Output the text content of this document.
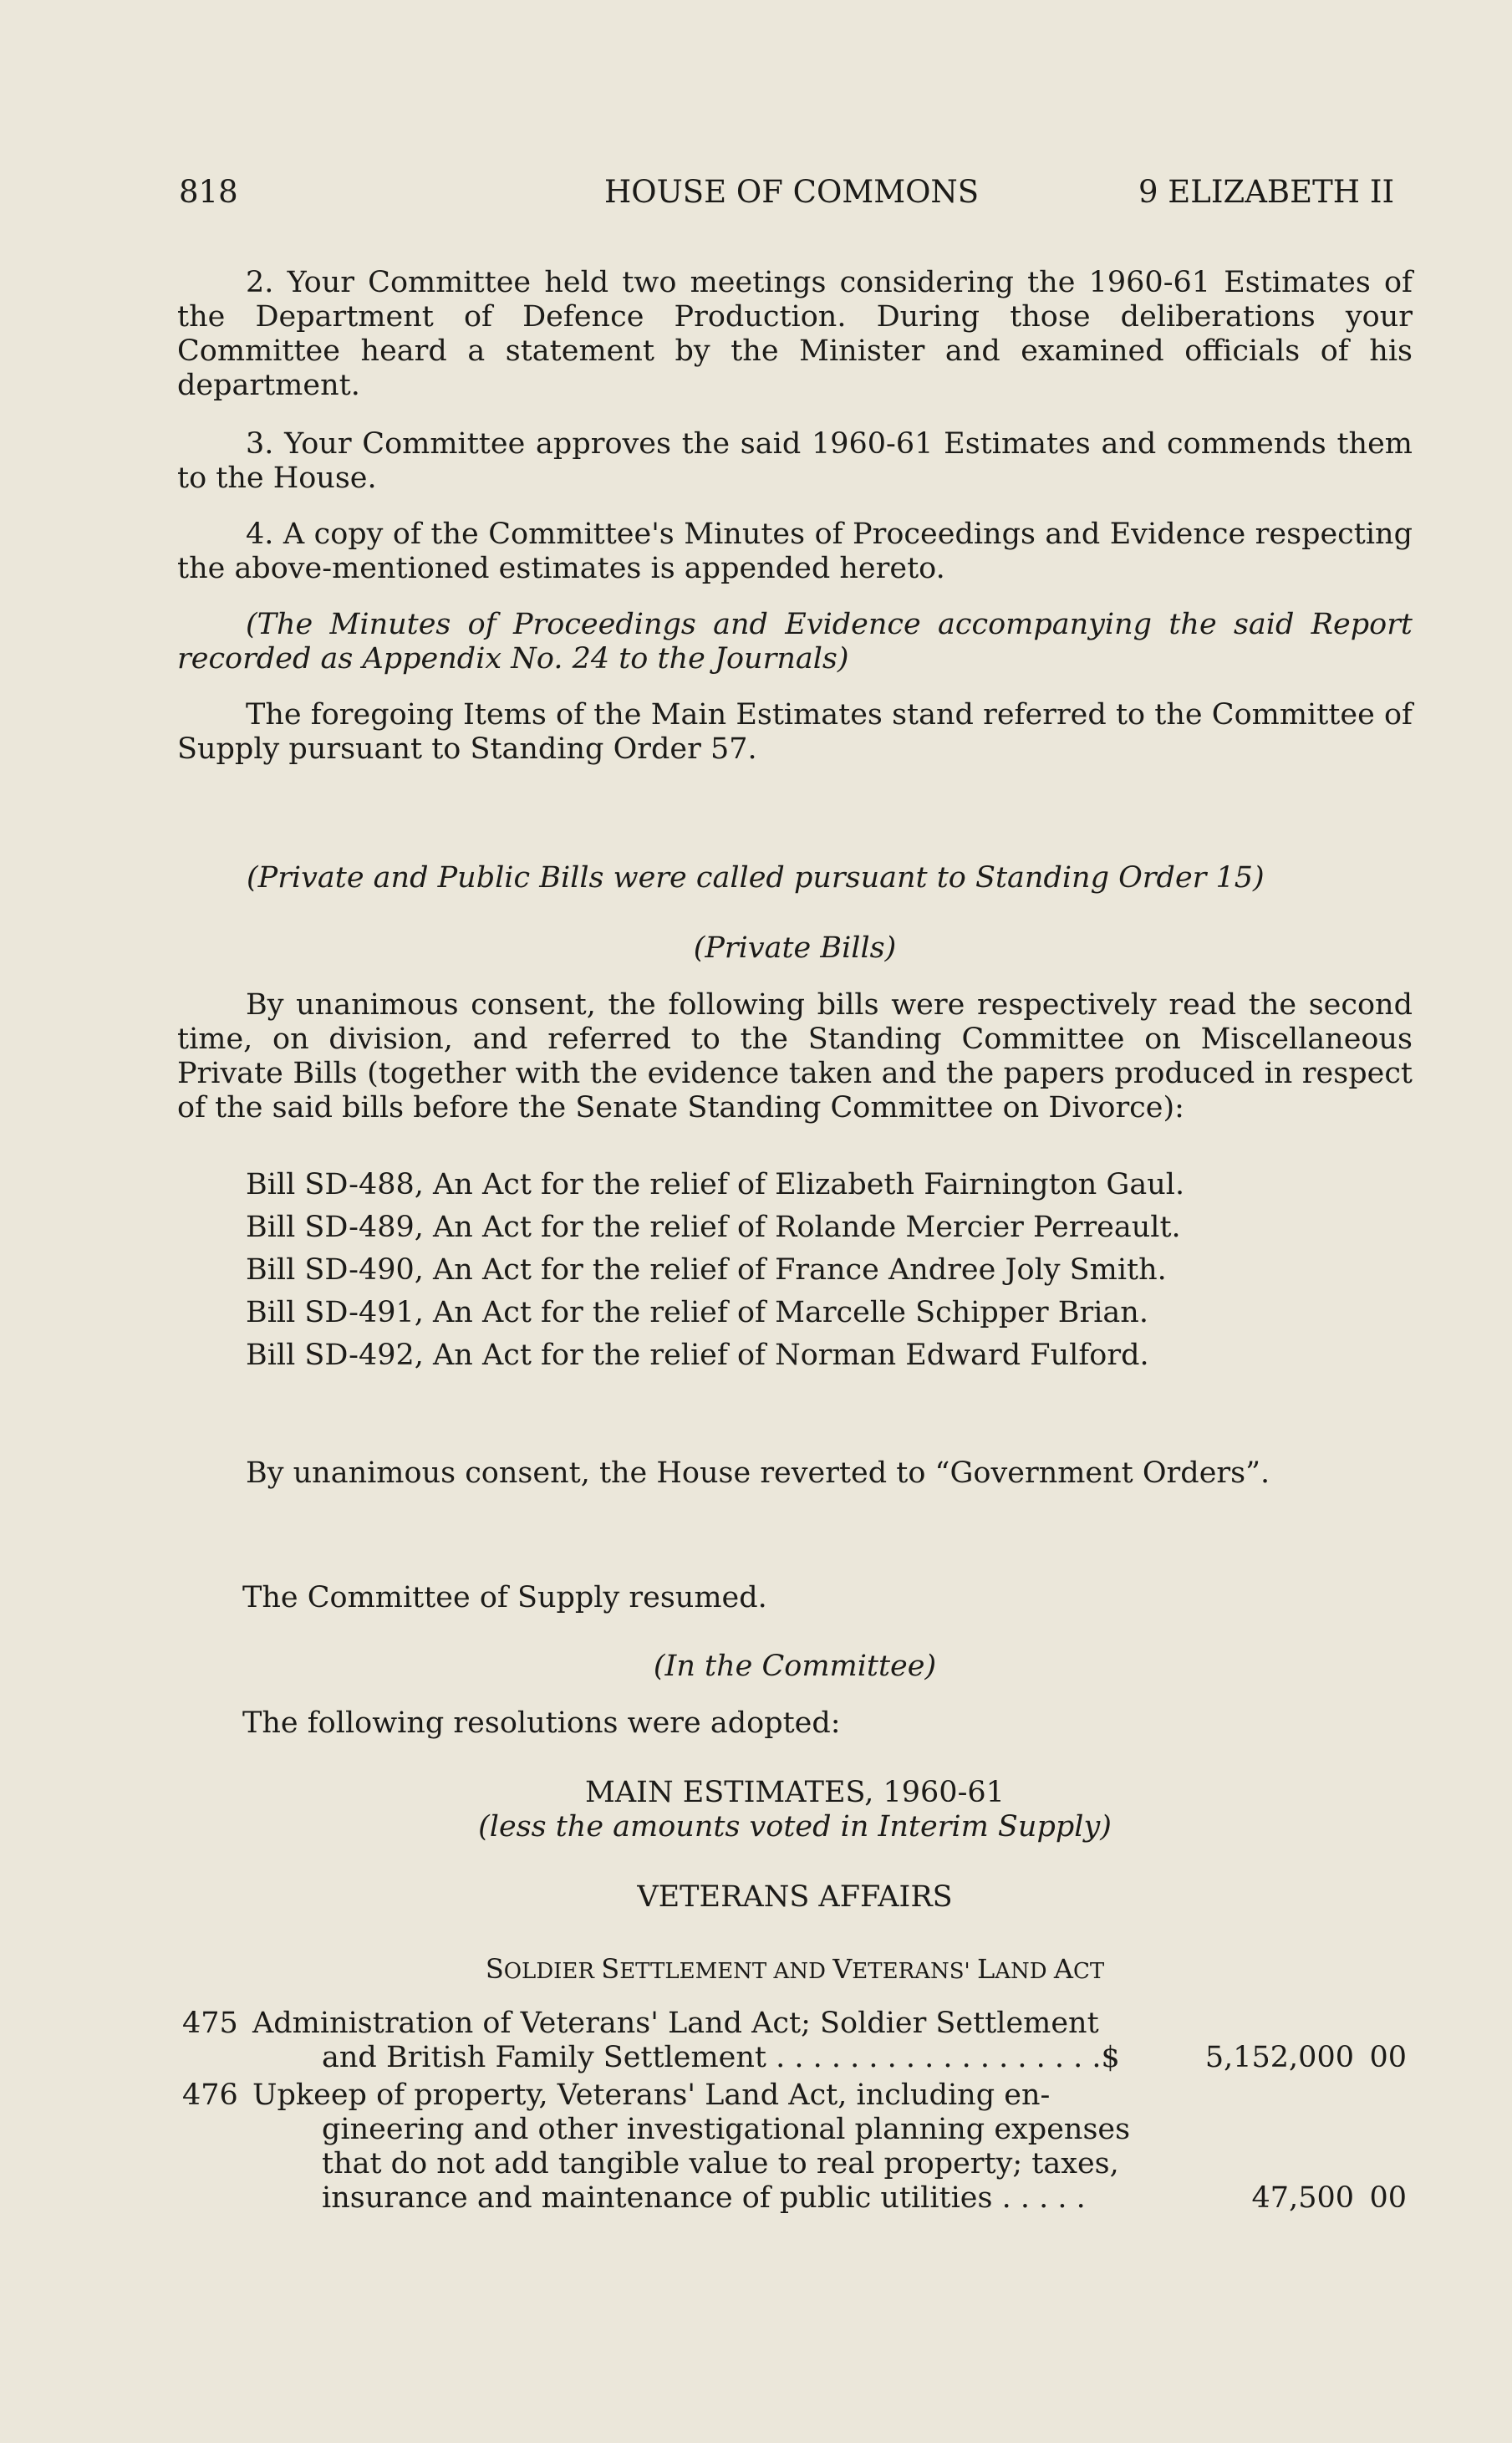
818	HOUSE OF COMMONS	9 ELIZABETH II

2. Your Committee held two meetings considering the 1960-61 Estimates of the Department of Defence Production. During those deliberations your Committee heard a statement by the Minister and examined officials of his department.

3. Your Committee approves the said 1960-61 Estimates and commends them to the House.

4. A copy of the Committee's Minutes of Proceedings and Evidence respecting the above-mentioned estimates is appended hereto.

(The Minutes of Proceedings and Evidence accompanying the said Report recorded as Appendix No. 24 to the Journals)

The foregoing Items of the Main Estimates stand referred to the Committee of Supply pursuant to Standing Order 57.

(Private and Public Bills were called pursuant to Standing Order 15)
(Private Bills)

By unanimous consent, the following bills were respectively read the second time, on division, and referred to the Standing Committee on Miscellaneous Private Bills (together with the evidence taken and the papers produced in respect of the said bills before the Senate Standing Committee on Divorce):

Bill SD-488, An Act for the relief of Elizabeth Fairnington Gaul.
Bill SD-489, An Act for the relief of Rolande Mercier Perreault.
Bill SD-490, An Act for the relief of France Andree Joly Smith.
Bill SD-491, An Act for the relief of Marcelle Schipper Brian.
Bill SD-492, An Act for the relief of Norman Edward Fulford.
By unanimous consent, the House reverted to “Government Orders”.
The Committee of Supply resumed.
(In the Committee)
The following resolutions were adopted:
MAIN ESTIMATES, 1960-61
(less the amounts voted in Interim Supply)
VETERANS AFFAIRS
SOLDIER SETTLEMENT AND VETERANS' LAND ACT
475 Administration of Veterans' Land Act; Soldier Settlement
and British Family Settlement . . . . . . . . . . . . . . . . . .$	5,152,000 00
476 Upkeep of property, Veterans' Land Act, including en-
gineering and other investigational planning expenses
that do not add tangible value to real property; taxes,
insurance and maintenance of public utilities . . . . .	47,500 00
